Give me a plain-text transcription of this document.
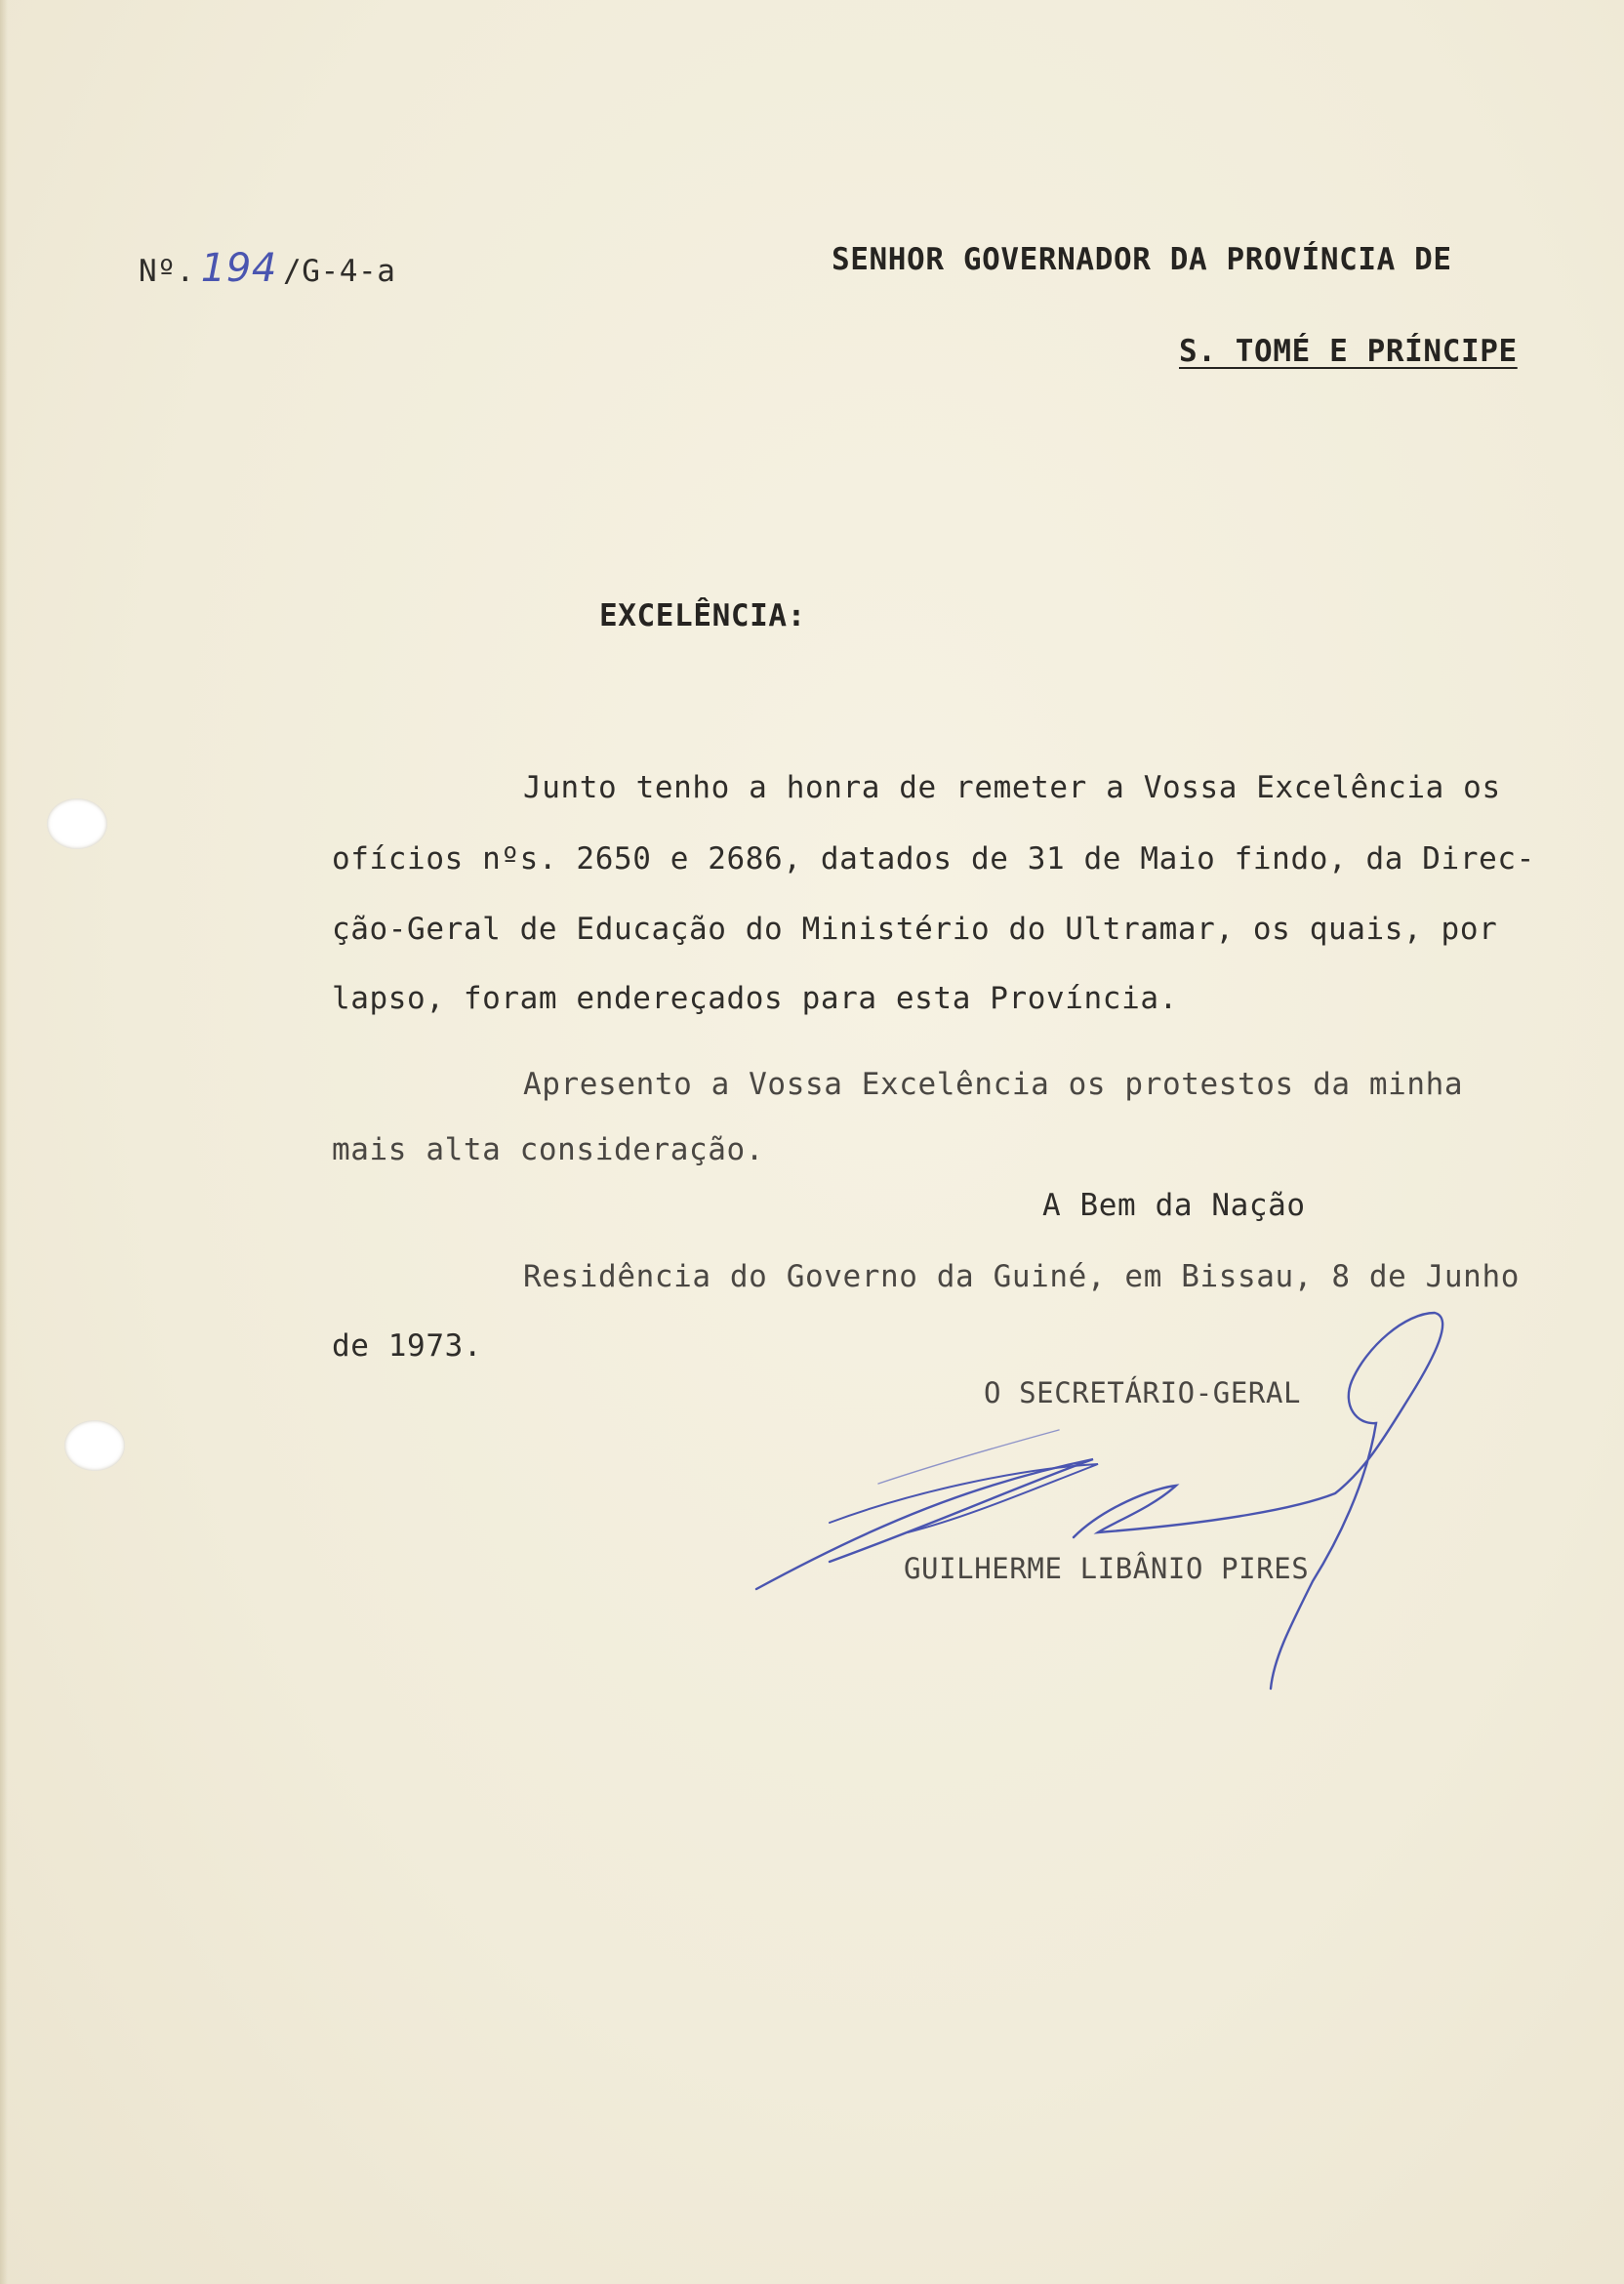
Nº. 194 /G-4-a	SENHOR GOVERNADOR DA PROVÍNCIA DE
S. TOMÉ E PRÍNCIPE
EXCELÊNCIA:
Junto tenho a honra de remeter a Vossa Excelência os
ofícios nºs. 2650 e 2686, datados de 31 de Maio findo, da Direc-
ção-Geral de Educação do Ministério do Ultramar, os quais, por
lapso, foram endereçados para esta Província.
Apresento a Vossa Excelência os protestos da minha
mais alta consideração.
A Bem da Nação
Residência do Governo da Guiné, em Bissau, 8 de Junho
de 1973.
O SECRETÁRIO-GERAL
GUILHERME LIBÂNIO PIRES
